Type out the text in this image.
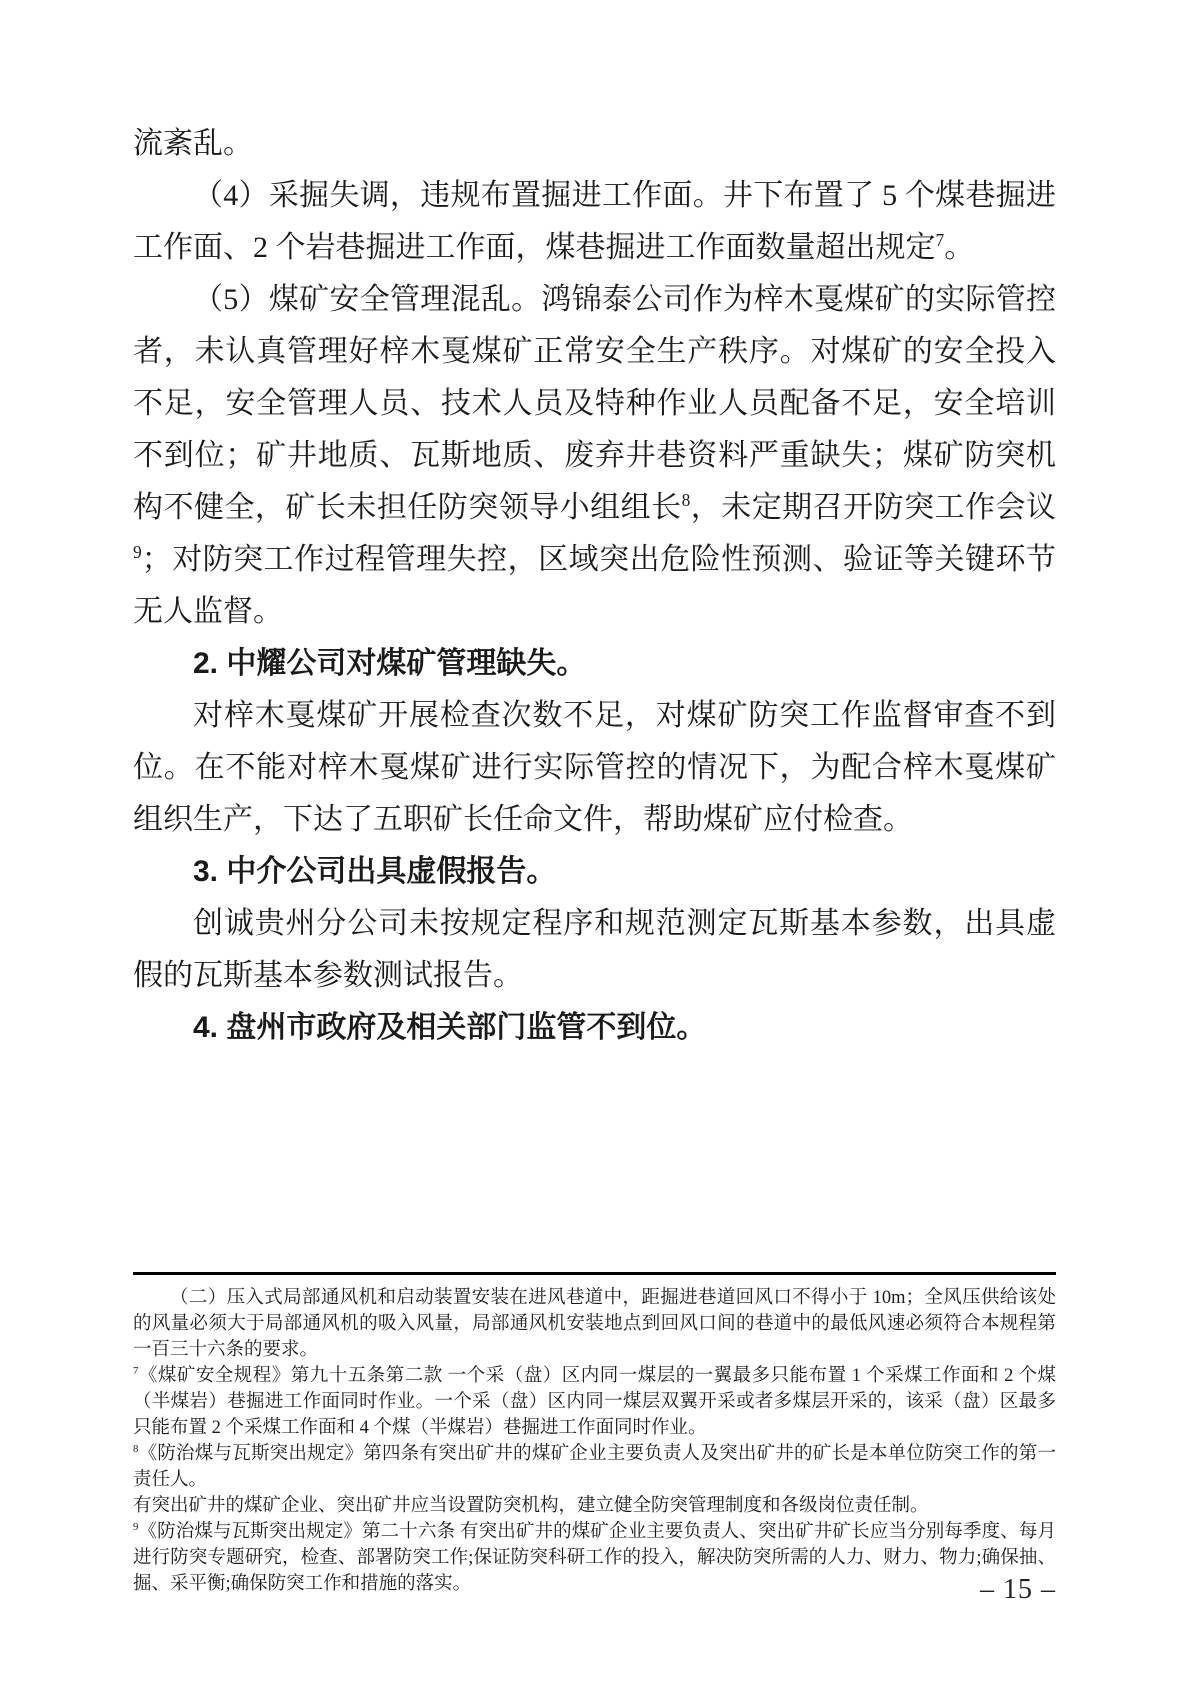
流紊乱。

（4）采掘失调，违规布置掘进工作面。井下布置了 5 个煤巷掘进工作面、2 个岩巷掘进工作面，煤巷掘进工作面数量超出规定$^7$。

（5）煤矿安全管理混乱。鸿锦泰公司作为梓木戛煤矿的实际管控者，未认真管理好梓木戛煤矿正常安全生产秩序。对煤矿的安全投入不足，安全管理人员、技术人员及特种作业人员配备不足，安全培训不到位；矿井地质、瓦斯地质、废弃井巷资料严重缺失；煤矿防突机构不健全，矿长未担任防突领导小组组长$^8$，未定期召开防突工作会议$^9$；对防突工作过程管理失控，区域突出危险性预测、验证等关键环节无人监督。

2. 中耀公司对煤矿管理缺失。

对梓木戛煤矿开展检查次数不足，对煤矿防突工作监督审查不到位。在不能对梓木戛煤矿进行实际管控的情况下，为配合梓木戛煤矿组织生产，下达了五职矿长任命文件，帮助煤矿应付检查。

3. 中介公司出具虚假报告。

创诚贵州分公司未按规定程序和规范测定瓦斯基本参数，出具虚假的瓦斯基本参数测试报告。

4. 盘州市政府及相关部门监管不到位。

（二）压入式局部通风机和启动装置安装在进风巷道中，距掘进巷道回风口不得小于 10m；全风压供给该处的风量必须大于局部通风机的吸入风量，局部通风机安装地点到回风口间的巷道中的最低风速必须符合本规程第一百三十六条的要求。

$^7$《煤矿安全规程》第九十五条第二款 一个采（盘）区内同一煤层的一翼最多只能布置 1 个采煤工作面和 2 个煤（半煤岩）巷掘进工作面同时作业。一个采（盘）区内同一煤层双翼开采或者多煤层开采的，该采（盘）区最多只能布置 2 个采煤工作面和 4 个煤（半煤岩）巷掘进工作面同时作业。

$^8$《防治煤与瓦斯突出规定》第四条有突出矿井的煤矿企业主要负责人及突出矿井的矿长是本单位防突工作的第一责任人。

有突出矿井的煤矿企业、突出矿井应当设置防突机构，建立健全防突管理制度和各级岗位责任制。

$^9$《防治煤与瓦斯突出规定》第二十六条 有突出矿井的煤矿企业主要负责人、突出矿井矿长应当分别每季度、每月进行防突专题研究，检查、部署防突工作;保证防突科研工作的投入，解决防突所需的人力、财力、物力;确保抽、掘、采平衡;确保防突工作和措施的落实。	– 15 –
